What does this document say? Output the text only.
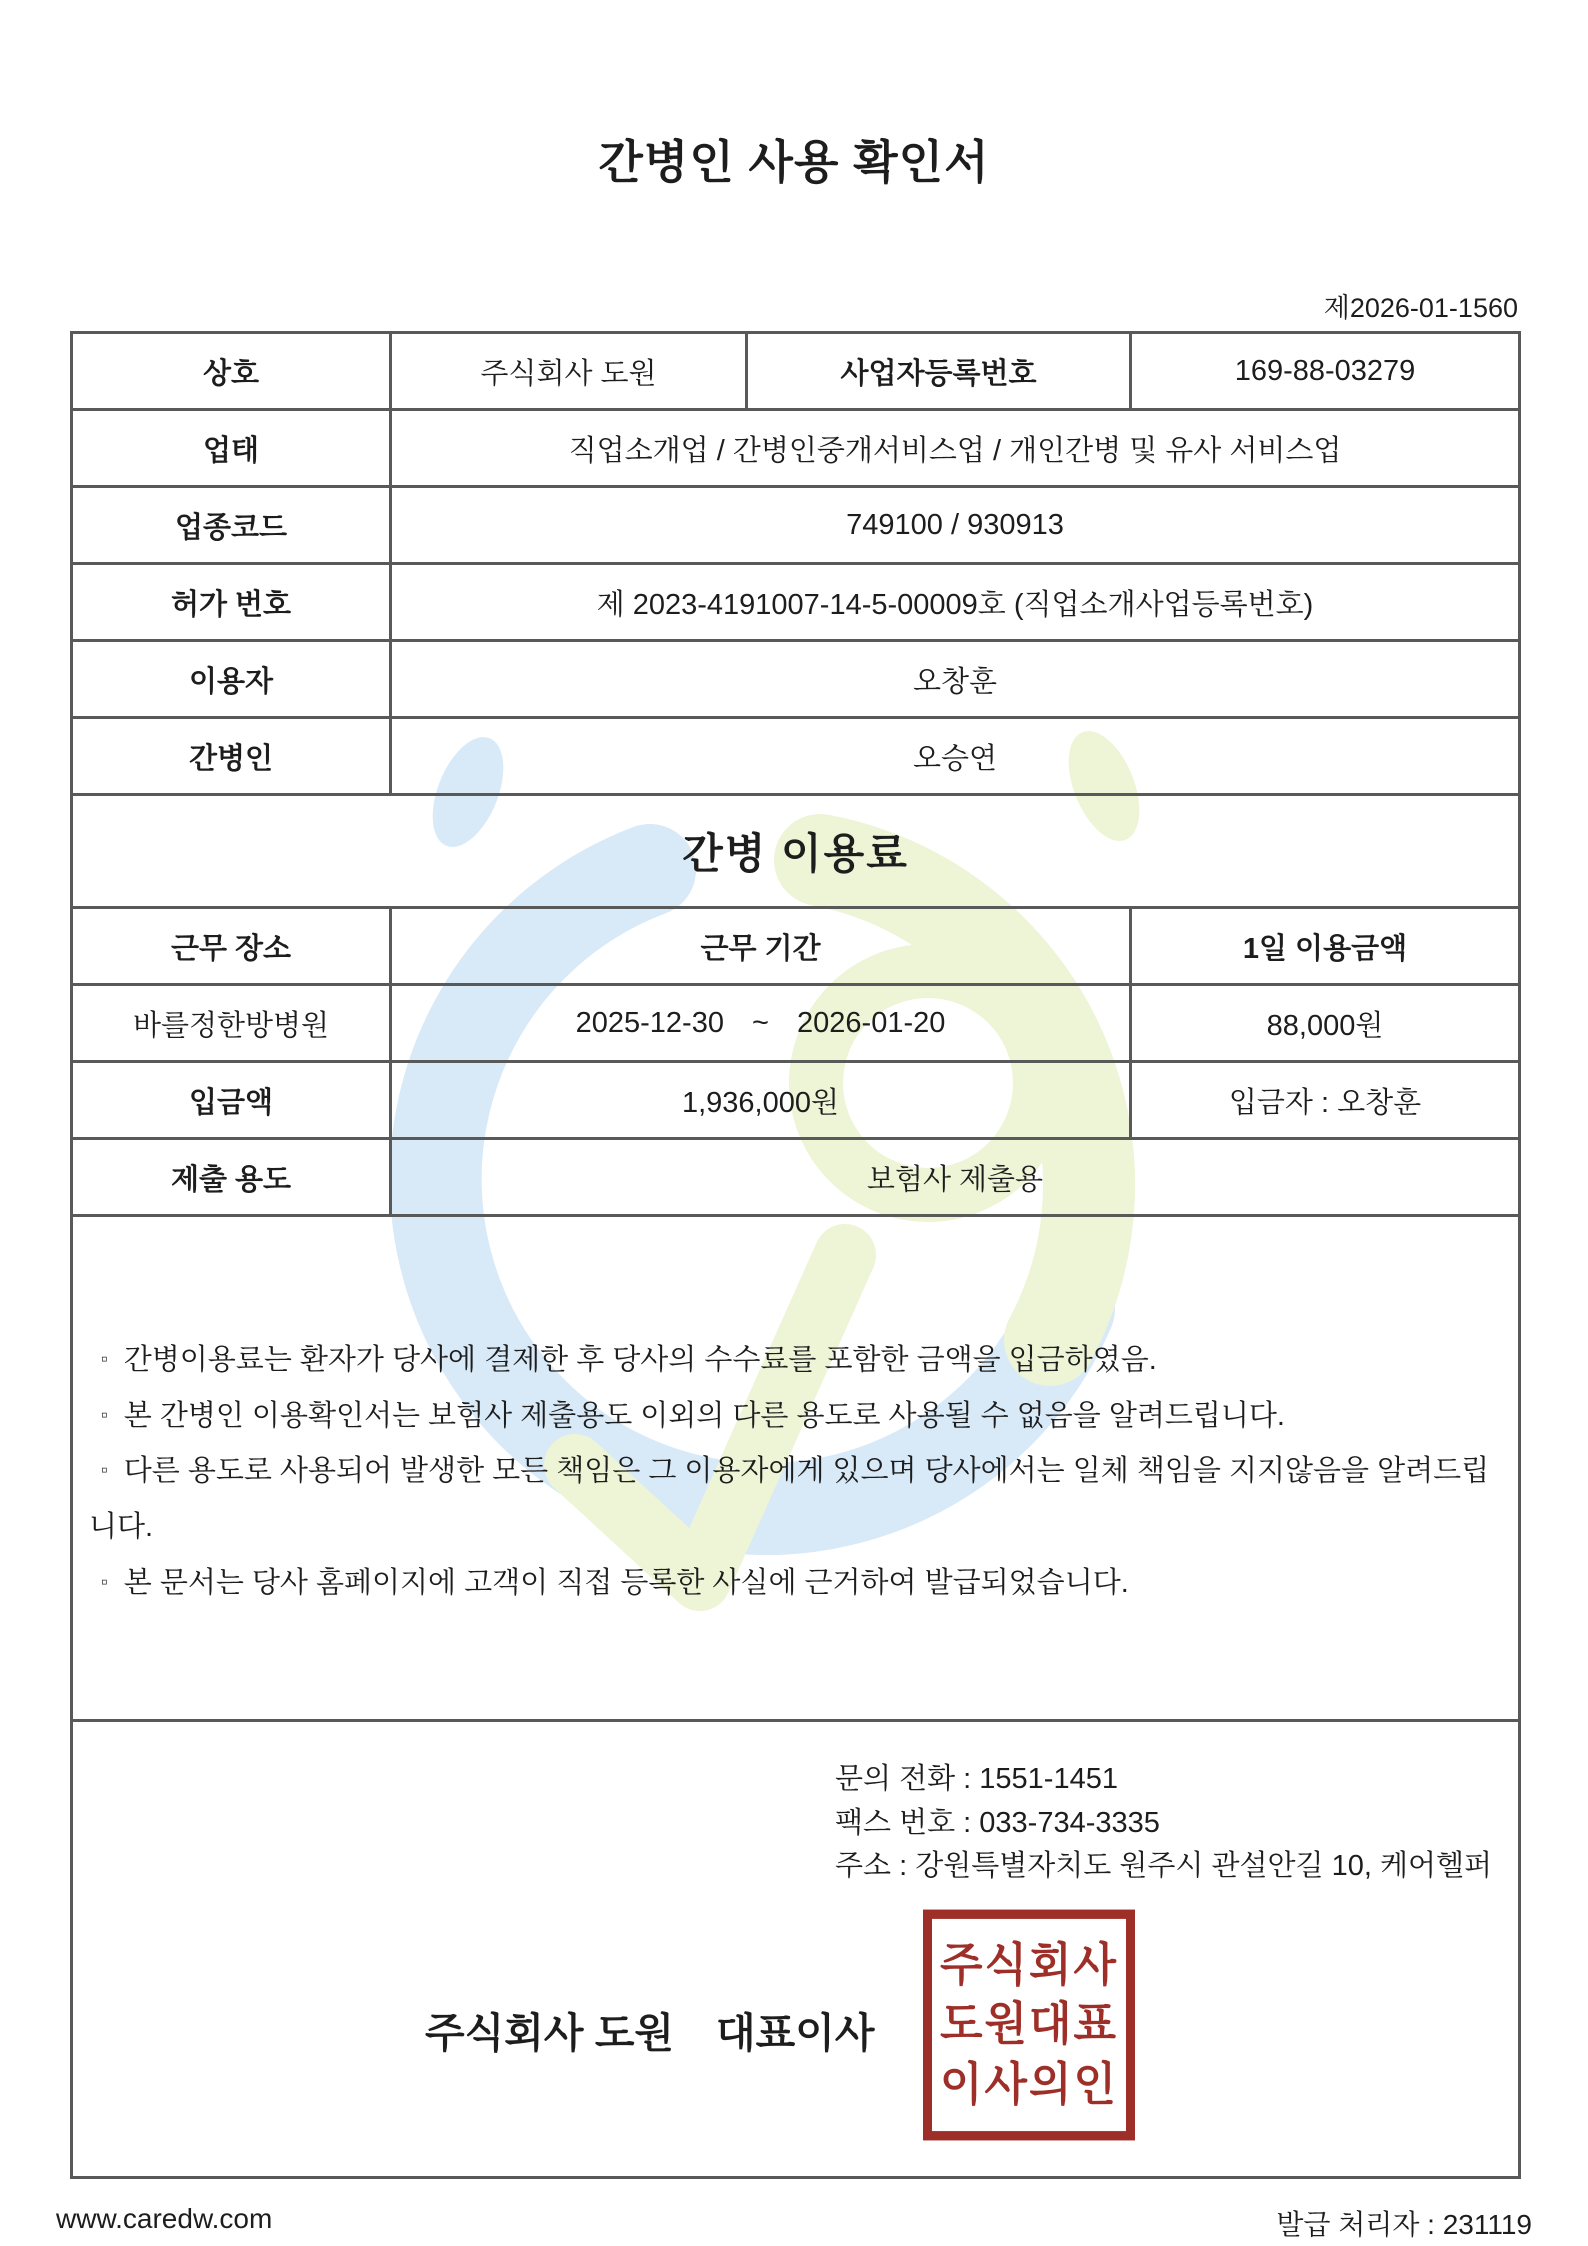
간병인 사용 확인서
제2026-01-1560
상호	주식회사 도원	사업자등록번호	169-88-03279
업태	직업소개업 / 간병인중개서비스업 / 개인간병 및 유사 서비스업		
업종코드	749100 / 930913		
허가 번호	제 2023-4191007-14-5-00009호 (직업소개사업등록번호)		
이용자	오창훈		
간병인	오승연		
간병 이용료			
근무 장소	근무 기간		1일 이용금액
바를정한방병원	2025-12-30 ~ 2026-01-20		88,000원
입금액	1,936,000원		입금자 : 오창훈
제출 용도	보험사 제출용		

▫ 간병이용료는 환자가 당사에 결제한 후 당사의 수수료를 포함한 금액을 입금하였음.
▫ 본 간병인 이용확인서는 보험사 제출용도 이외의 다른 용도로 사용될 수 없음을 알려드립니다.
▫ 다른 용도로 사용되어 발생한 모든 책임은 그 이용자에게 있으며 당사에서는 일체 책임을 지지않음을 알려드립니다.
▫ 본 문서는 당사 홈페이지에 고객이 직접 등록한 사실에 근거하여 발급되었습니다.			

문의 전화 : 1551-1451
팩스 번호 : 033-734-3335
주소 : 강원특별자치도 원주시 관설안길 10, 케어헬퍼
주식회사 도원 대표이사
주식회사
도원대표
이사의인
www.caredw.com	발급 처리자 : 231119
